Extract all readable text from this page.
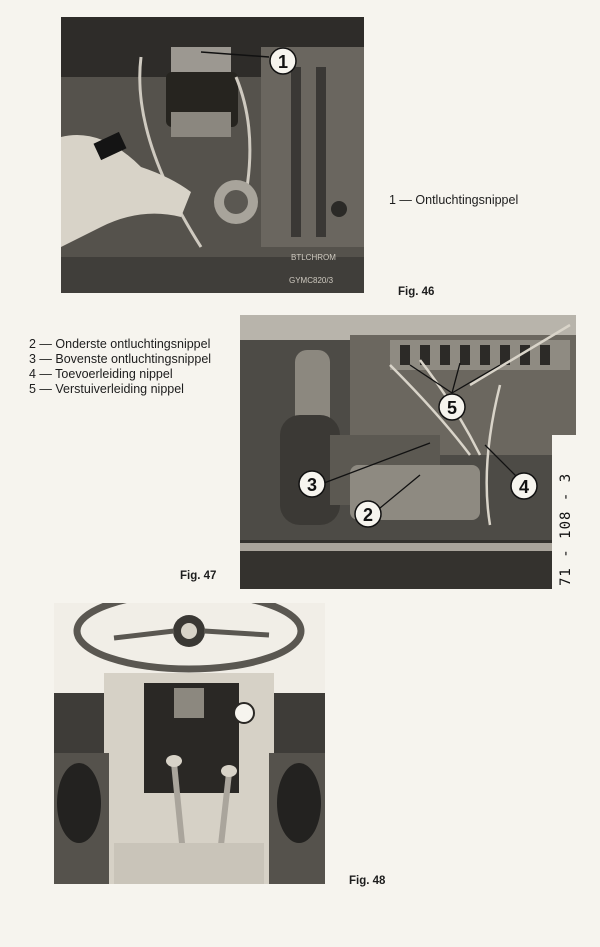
BTLCHROM
GYMC820/3
1
1 — Ontluchtingsnippel
Fig. 46
2 — Onderste ontluchtingsnippel
3 — Bovenste ontluchtingsnippel
4 — Toevoerleiding nippel
5 — Verstuiverleiding nippel
2
3	4
5
71 - 108 - 3
Fig. 47
Fig. 48
